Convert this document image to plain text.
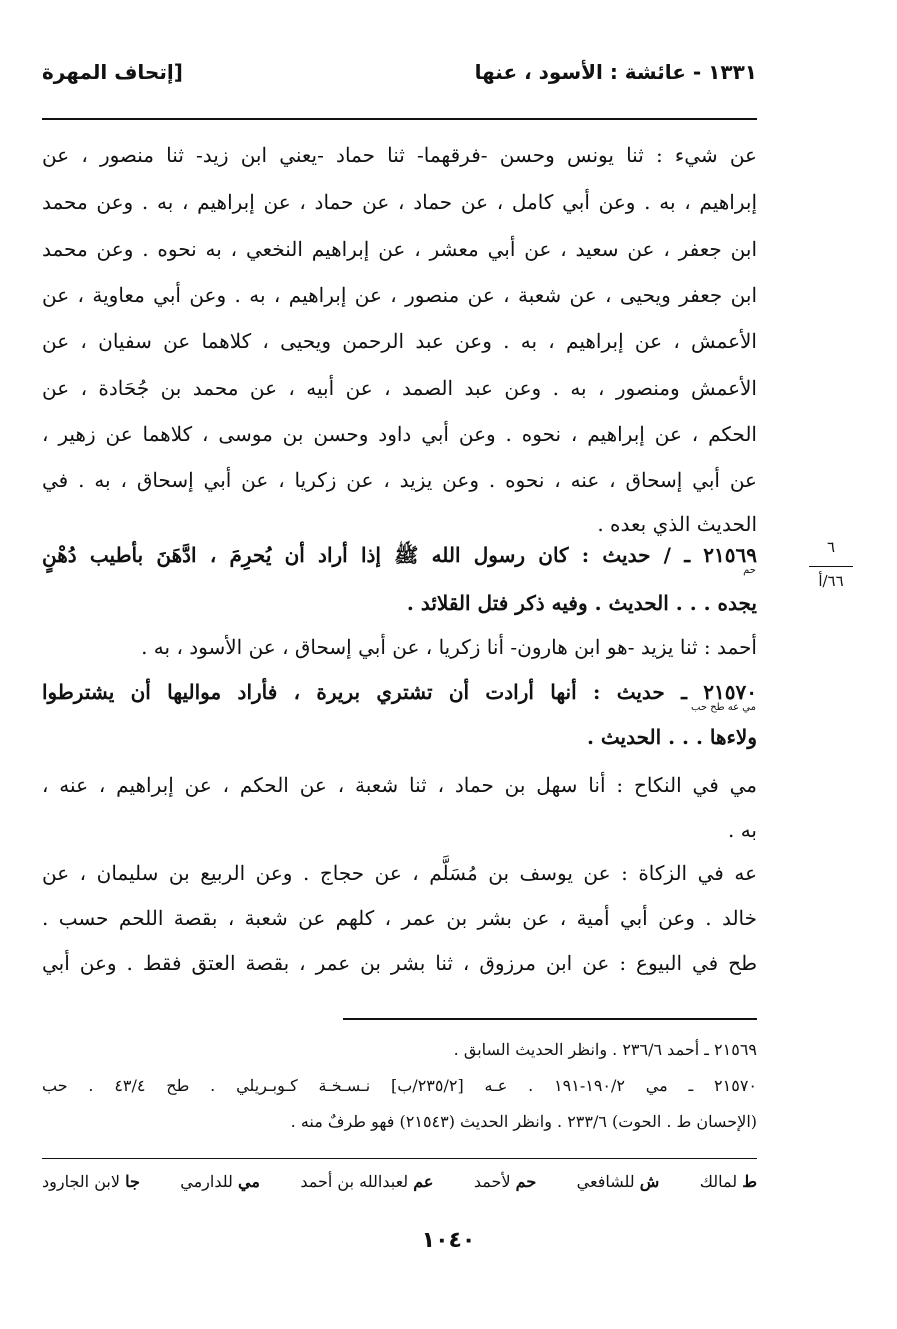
١٣٣١ - عائشة : الأسود ، عنها
[إتحاف المهرة
عن شيء : ثنا يونس وحسن -فرقهما- ثنا حماد -يعني ابن زيد- ثنا منصور ، عن
إبراهيم ، به . وعن أبي كامل ، عن حماد ، عن حماد ، عن إبراهيم ، به . وعن محمد
ابن جعفر ، عن سعيد ، عن أبي معشر ، عن إبراهيم النخعي ، به نحوه . وعن محمد
ابن جعفر ويحيى ، عن شعبة ، عن منصور ، عن إبراهيم ، به . وعن أبي معاوية ، عن
الأعمش ، عن إبراهيم ، به . وعن عبد الرحمن ويحيى ، كلاهما عن سفيان ، عن
الأعمش ومنصور ، به . وعن عبد الصمد ، عن أبيه ، عن محمد بن جُحَادة ، عن
الحكم ، عن إبراهيم ، نحوه . وعن أبي داود وحسن بن موسى ، كلاهما عن زهير ،
عن أبي إسحاق ، عنه ، نحوه . وعن يزيد ، عن زكريا ، عن أبي إسحاق ، به . في
الحديث الذي بعده .
٦
٦٦/أ
٢١٥٦٩ ـ / حديث : كان رسول الله ﷺ إذا أراد أن يُحرِمَ ، ادَّهَنَ بأطيب دُهْنٍ
حم
يجده . . . الحديث . وفيه ذكر فتل القلائد .
أحمد : ثنا يزيد -هو ابن هارون- أنا زكريا ، عن أبي إسحاق ، عن الأسود ، به .
٢١٥٧٠ ـ حديث : أنها أرادت أن تشتري بريرة ، فأراد مواليها أن يشترطوا
مي عه طح حب
ولاءها . . . الحديث .
مي في النكاح : أنا سهل بن حماد ، ثنا شعبة ، عن الحكم ، عن إبراهيم ، عنه ،
به .
عه في الزكاة : عن يوسف بن مُسَلَّم ، عن حجاج . وعن الربيع بن سليمان ، عن
خالد . وعن أبي أمية ، عن بشر بن عمر ، كلهم عن شعبة ، بقصة اللحم حسب .
طح في البيوع : عن ابن مرزوق ، ثنا بشر بن عمر ، بقصة العتق فقط . وعن أبي
٢١٥٦٩ ـ أحمد ٢٣٦/٦ . وانظر الحديث السابق .
٢١٥٧٠ ـ مي ١٩٠/٢-١٩١ . عـه [٢٣٥/٢/ب] نـسـخـة كـوبـريلي . طح ٤٣/٤ . حب
(الإحسان ط . الحوت) ٢٣٣/٦ . وانظر الحديث (٢١٥٤٣) فهو طرفٌ منه .
ط لمالك
ش للشافعي
حم لأحمد
عم لعبدالله بن أحمد
مي للدارمي
جا لابن الجارود
١٠٤٠
